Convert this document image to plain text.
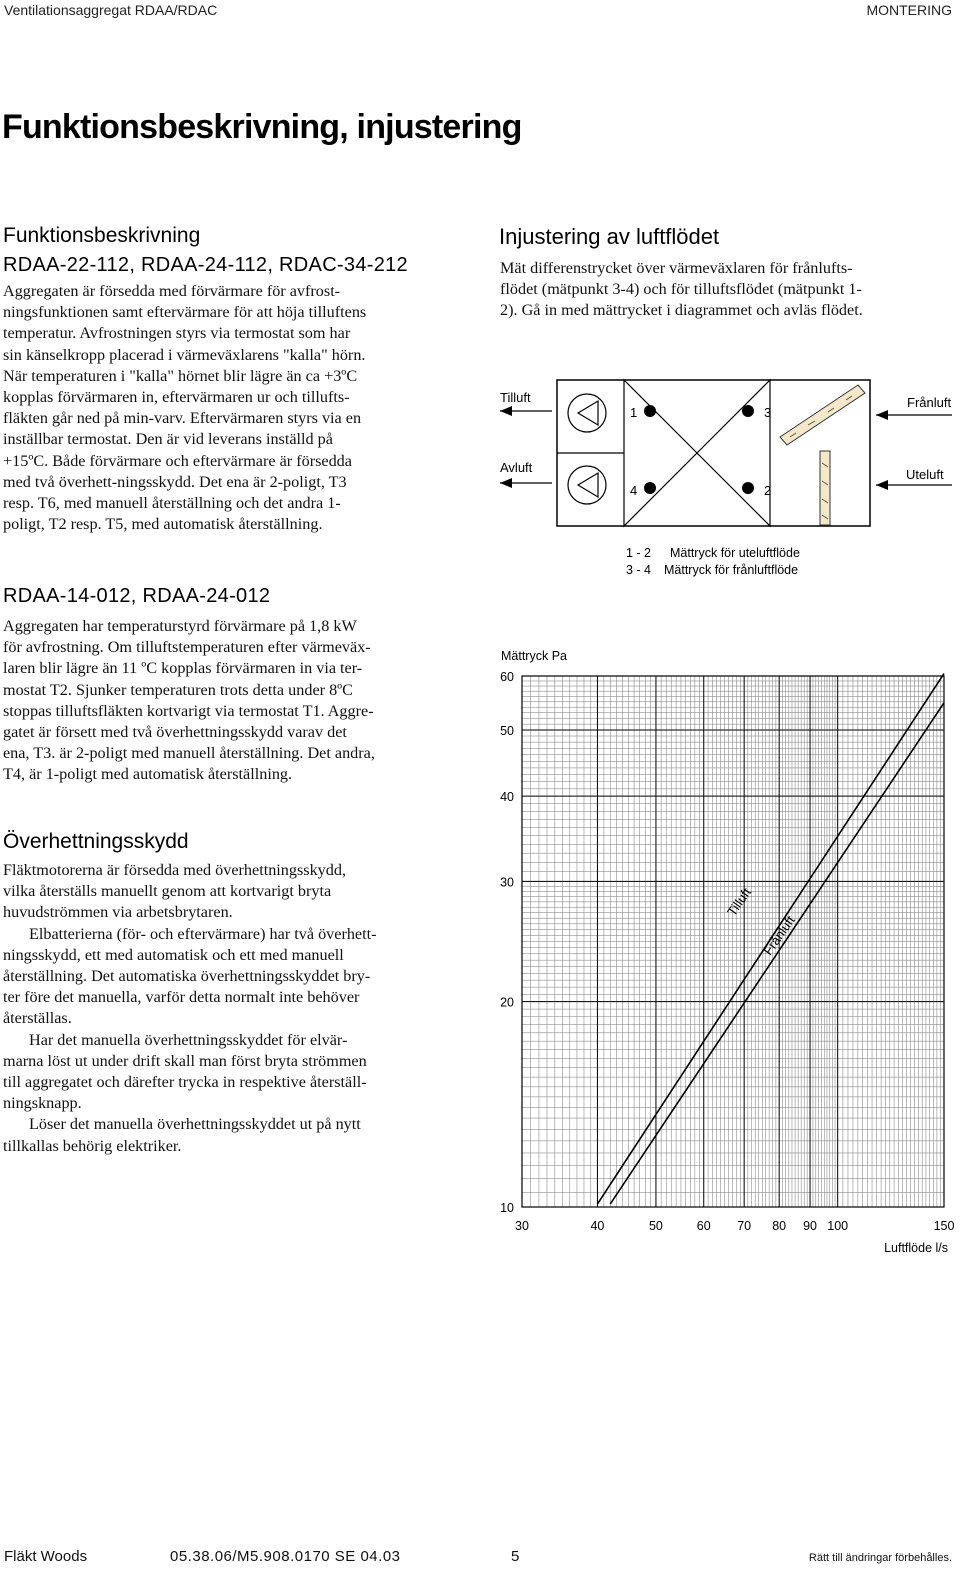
Ventilationsaggregat RDAA/RDAC	MONTERING
Funktionsbeskrivning, injustering
Funktionsbeskrivning
RDAA-22-112, RDAA-24-112, RDAC-34-212
Aggregaten är försedda med förvärmare för avfrost-
ningsfunktionen samt eftervärmare för att höja tilluftens
temperatur. Avfrostningen styrs via termostat som har
sin känselkropp placerad i värmeväxlarens "kalla" hörn.
När temperaturen i "kalla" hörnet blir lägre än ca +3ºC
kopplas förvärmaren in, eftervärmaren ur och tillufts-
fläkten går ned på min-varv. Eftervärmaren styrs via en
inställbar termostat. Den är vid leverans inställd på
+15ºC. Både förvärmare och eftervärmare är försedda
med två överhett-ningsskydd. Det ena är 2-poligt, T3
resp. T6, med manuell återställning och det andra 1-
poligt, T2 resp. T5, med automatisk återställning.
RDAA-14-012, RDAA-24-012
Aggregaten har temperaturstyrd förvärmare på 1,8 kW
för avfrostning. Om tilluftstemperaturen efter värmeväx-
laren blir lägre än 11 ºC kopplas förvärmaren in via ter-
mostat T2. Sjunker temperaturen trots detta under 8ºC
stoppas tilluftsfläkten kortvarigt via termostat T1. Aggre-
gatet är försett med två överhettningsskydd varav det
ena, T3. är 2-poligt med manuell återställning. Det andra,
T4, är 1-poligt med automatisk återställning.
Överhettningsskydd
Fläktmotorerna är försedda med överhettningsskydd,
vilka återställs manuellt genom att kortvarigt bryta
huvudströmmen via arbetsbrytaren.
Elbatterierna (för- och eftervärmare) har två överhett-
ningsskydd, ett med automatisk och ett med manuell
återställning. Det automatiska överhettningsskyddet bry-
ter före det manuella, varför detta normalt inte behöver
återställas.
Har det manuella överhettningsskyddet för elvär-
marna löst ut under drift skall man först bryta strömmen
till aggregatet och därefter trycka in respektive återställ-
ningsknapp.
Löser det manuella överhettningsskyddet ut på nytt
tillkallas behörig elektriker.
Injustering av luftflödet
Mät differenstrycket över värmeväxlaren för frånlufts-
flödet (mätpunkt 3-4) och för tilluftsflödet (mätpunkt 1-
2). Gå in med mättrycket i diagrammet och avläs flödet.
1	3
4	2
Tilluft
Avluft
Frånluft
Uteluft
1 - 2 Mättryck för uteluftflöde
3 - 4 Mättryck för frånluftflöde
30	40	50	60 70 80 90 100	150
10
20
30
40
50
60
Mättryck Pa
Luftflöde l/s
Tilluft
Frånluft
Fläkt Woods	05.38.06/M5.908.0170 SE 04.03	5	Rätt till ändringar förbehålles.
